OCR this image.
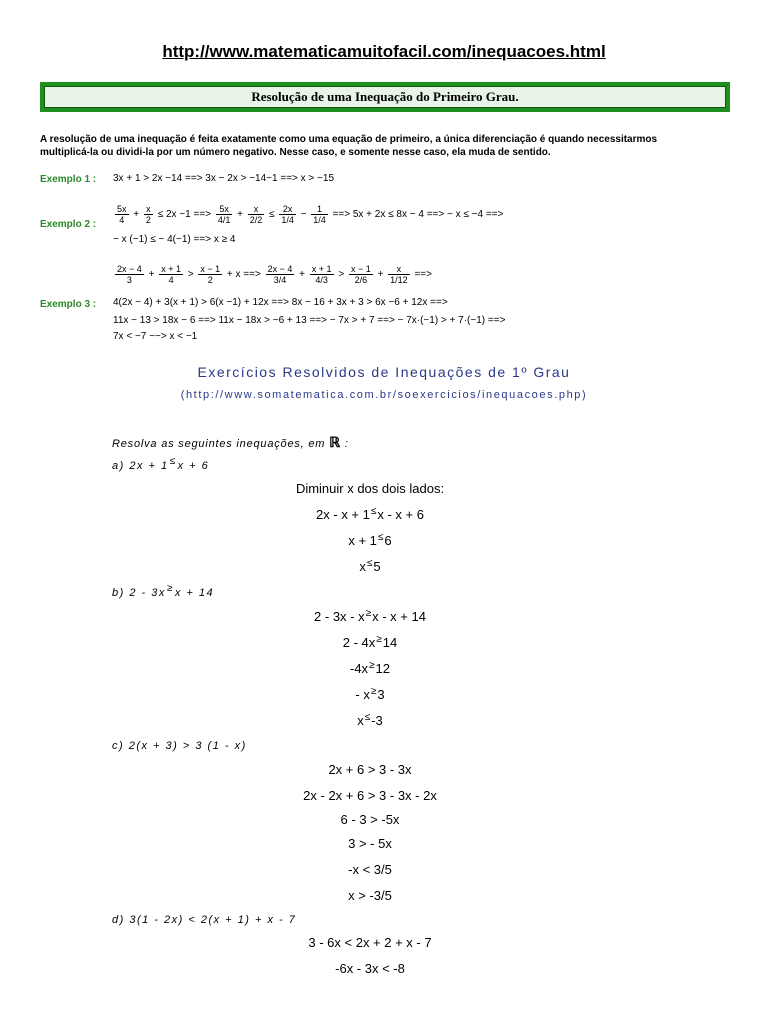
http://www.matematicamuitofacil.com/inequacoes.html
Resolução de uma Inequação do Primeiro Grau.
A resolução de uma inequação é feita exatamente como uma equação de primeiro, a única diferenciação é quando necessitarmos
multiplicá-la ou dividi-la por um número negativo. Nesse caso, e somente nesse caso, ela muda de sentido.
Exemplo 1 : 3x + 1 > 2x −14 ==> 3x − 2x > −14−1 ==> x > −15
Exemplo 2 : $\frac{5x}{4} + \frac{x}{2} \le 2x -1$ ==> $\frac{5x}{4/1} + \frac{x}{2/2} \le \frac{2x}{1/4} - \frac{1}{1/4}$ ==> 5x + 2x ≤ 8x − 4 ==> − x ≤ −4 ==>
− x (−1) ≤ − 4(−1) ==> x ≥ 4
Exemplo 3 :
$\frac{2x - 4}{3} + \frac{x + 1}{4} > \frac{x - 1}{2} + x$ ==> $\frac{2x - 4}{3/4} + \frac{x + 1}{4/3} > \frac{x - 1}{2/6} + \frac{x}{1/12}$ ==>
4(2x − 4) + 3(x + 1) > 6(x −1) + 12x ==> 8x − 16 + 3x + 3 > 6x −6 + 12x ==>
11x − 13 > 18x − 6 ==> 11x − 18x > −6 + 13 ==> − 7x > + 7 ==> − 7x·(−1) > + 7·(−1) ==>
7x < −7 −−> x < −1
Exercícios Resolvidos de Inequações de 1º Grau
(http://www.somatematica.com.br/soexercicios/inequacoes.php)
Resolva as seguintes inequações, em ℝ :
a) 2x + 1≤x + 6
Diminuir x dos dois lados:
2x - x + 1≤x - x + 6
x + 1≤6
x≤5
b) 2 - 3x≥x + 14
2 - 3x - x≥x - x + 14
2 - 4x≥14
-4x≥12
- x≥3
x≤-3
c) 2(x + 3) > 3 (1 - x)
2x + 6 > 3 - 3x
2x - 2x + 6 > 3 - 3x - 2x
6 - 3 > -5x
3 > - 5x
-x < 3/5
x > -3/5
d) 3(1 - 2x) < 2(x + 1) + x - 7
3 - 6x < 2x + 2 + x - 7
-6x - 3x < -8
